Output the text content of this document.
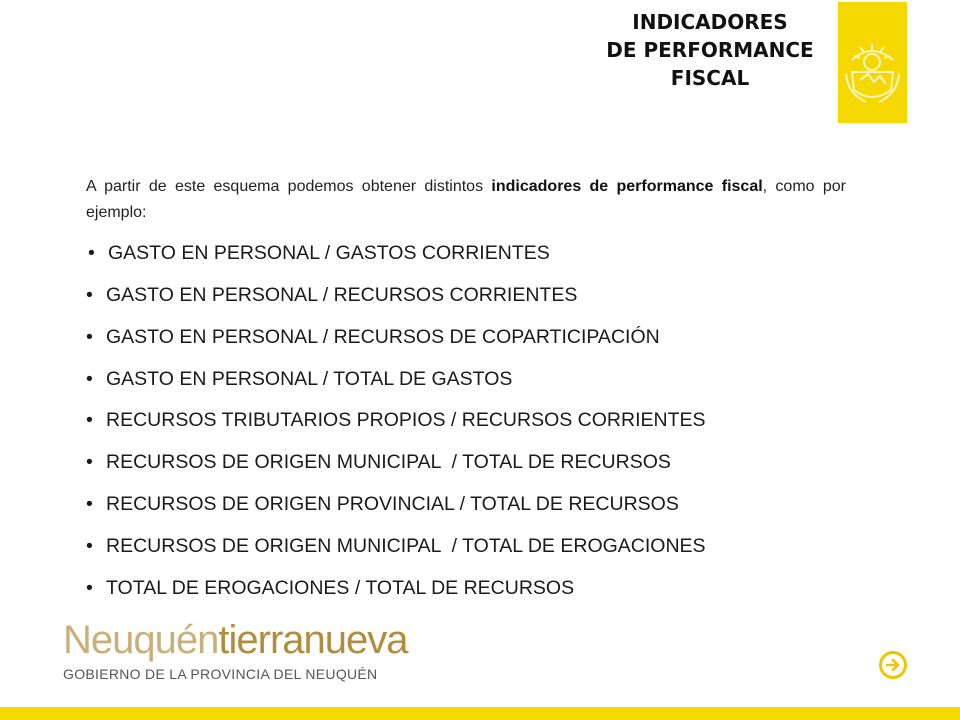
INDICADORES
DE PERFORMANCE
FISCAL

A partir de este esquema podemos obtener distintos indicadores de performance fiscal, como por ejemplo:

• GASTO EN PERSONAL / GASTOS CORRIENTES
• GASTO EN PERSONAL / RECURSOS CORRIENTES
• GASTO EN PERSONAL / RECURSOS DE COPARTICIPACIÓN
• GASTO EN PERSONAL / TOTAL DE GASTOS
• RECURSOS TRIBUTARIOS PROPIOS / RECURSOS CORRIENTES
• RECURSOS DE ORIGEN MUNICIPAL  / TOTAL DE RECURSOS
• RECURSOS DE ORIGEN PROVINCIAL / TOTAL DE RECURSOS
• RECURSOS DE ORIGEN MUNICIPAL  / TOTAL DE EROGACIONES
• TOTAL DE EROGACIONES / TOTAL DE RECURSOS
Neuquéntierranueva
GOBIERNO DE LA PROVINCIA DEL NEUQUÉN
